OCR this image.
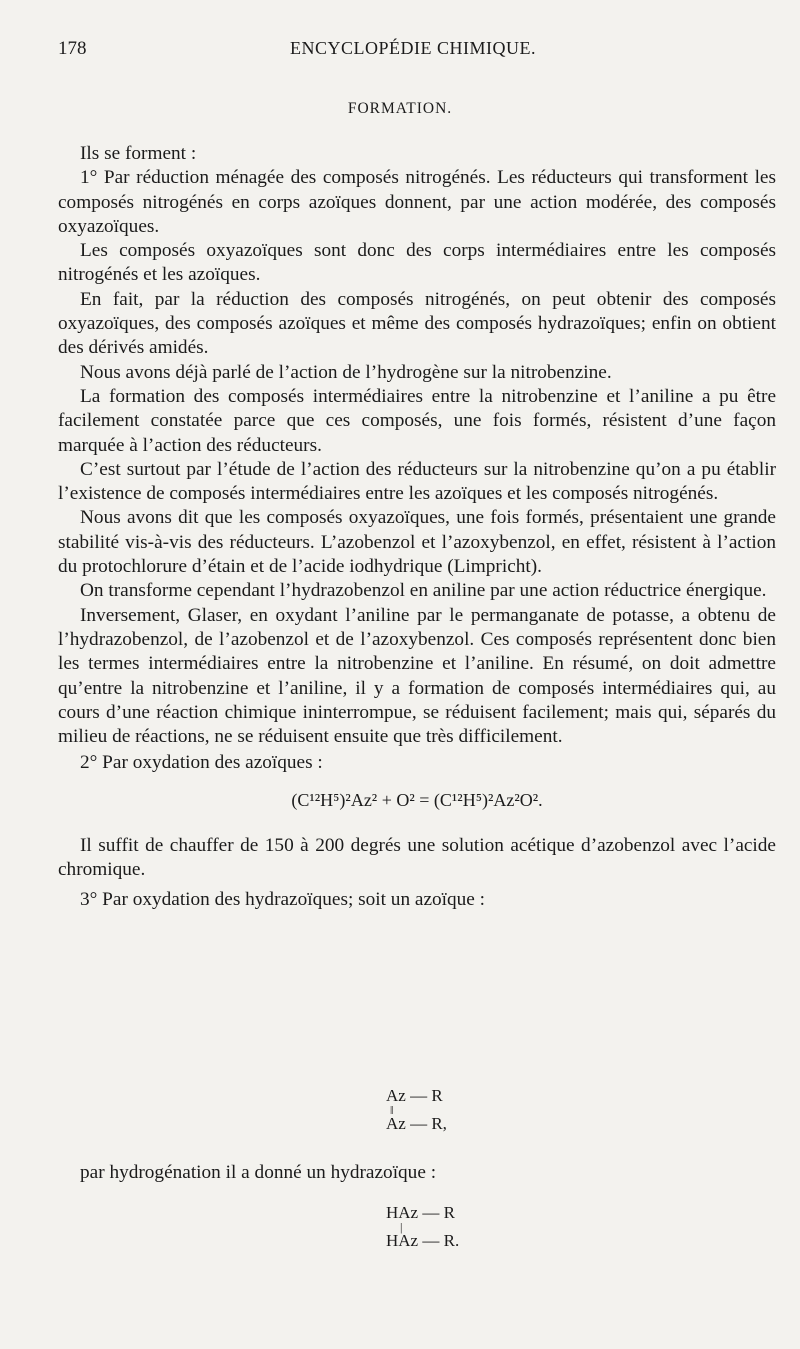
178	ENCYCLOPÉDIE CHIMIQUE.
FORMATION.

Ils se forment :

1° Par réduction ménagée des composés nitrogénés. Les réducteurs qui transforment les composés nitrogénés en corps azoïques donnent, par une action modérée, des composés oxyazoïques.

Les composés oxyazoïques sont donc des corps intermédiaires entre les composés nitrogénés et les azoïques.

En fait, par la réduction des composés nitrogénés, on peut obtenir des composés oxyazoïques, des composés azoïques et même des composés hydrazoïques; enfin on obtient des dérivés amidés.

Nous avons déjà parlé de l’action de l’hydrogène sur la nitrobenzine.

La formation des composés intermédiaires entre la nitrobenzine et l’aniline a pu être facilement constatée parce que ces composés, une fois formés, résistent d’une façon marquée à l’action des réducteurs.

C’est surtout par l’étude de l’action des réducteurs sur la nitrobenzine qu’on a pu établir l’existence de composés intermédiaires entre les azoïques et les composés nitrogénés.

Nous avons dit que les composés oxyazoïques, une fois formés, présentaient une grande stabilité vis-à-vis des réducteurs. L’azobenzol et l’azoxybenzol, en effet, résistent à l’action du protochlorure d’étain et de l’acide iodhydrique (Limpricht).

On transforme cependant l’hydrazobenzol en aniline par une action réductrice énergique.

Inversement, Glaser, en oxydant l’aniline par le permanganate de potasse, a obtenu de l’hydrazobenzol, de l’azobenzol et de l’azoxybenzol. Ces composés représentent donc bien les termes intermédiaires entre la nitrobenzine et l’aniline. En résumé, on doit admettre qu’entre la nitrobenzine et l’aniline, il y a formation de composés intermédiaires qui, au cours d’une réaction chimique ininterrompue, se réduisent facilement; mais qui, séparés du milieu de réactions, ne se réduisent ensuite que très difficilement.

2° Par oxydation des azoïques :

(C¹²H⁵)²Az² + O² = (C¹²H⁵)²Az²O².

Il suffit de chauffer de 150 à 200 degrés une solution acétique d’azobenzol avec l’acide chromique.

3° Par oxydation des hydrazoïques; soit un azoïque :

Az — R
‖
Az — R,

par hydrogénation il a donné un hydrazoïque :

HAz — R
|
HAz — R.
